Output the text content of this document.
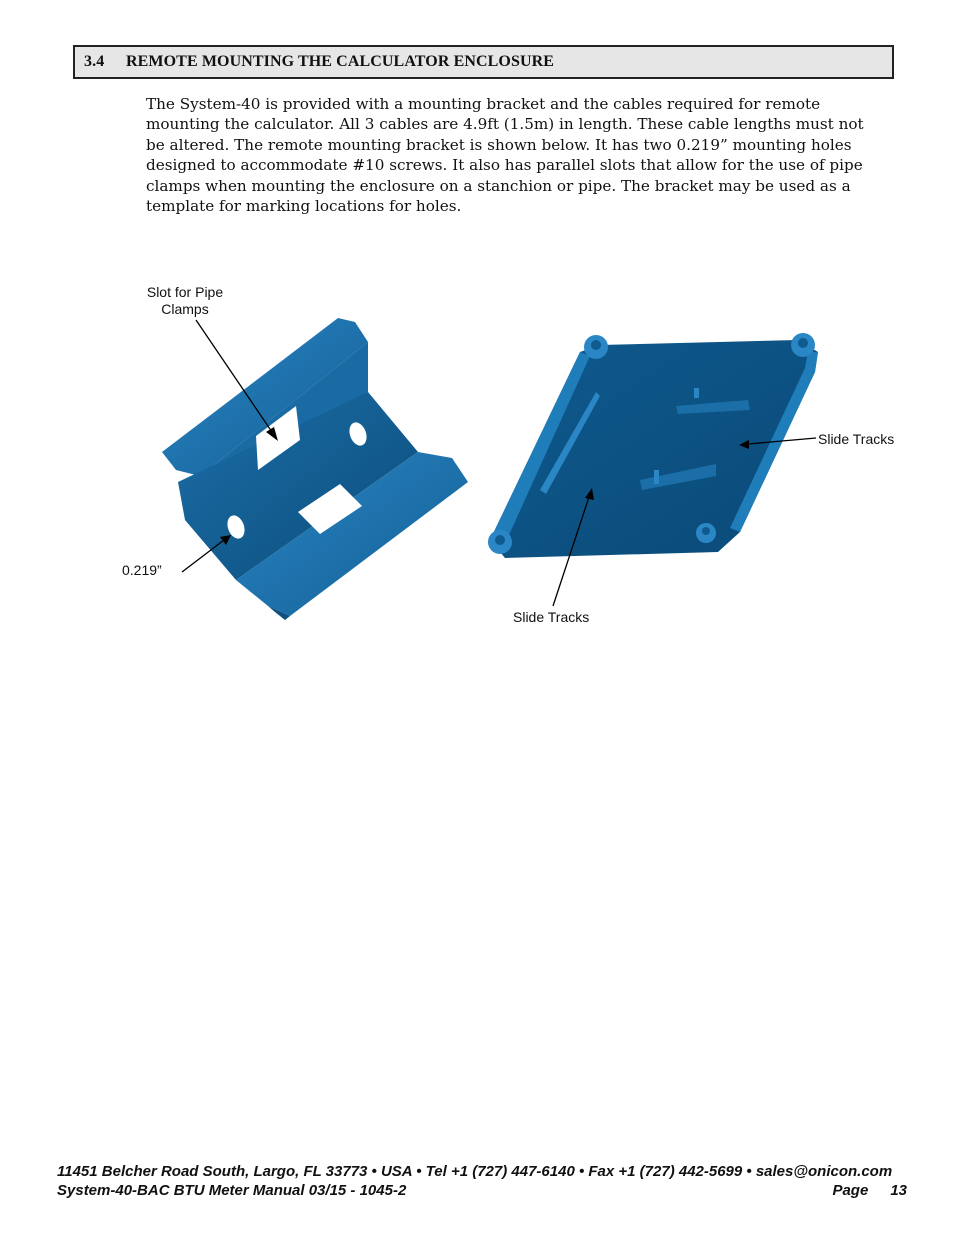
3.4 REMOTE MOUNTING THE CALCULATOR ENCLOSURE

The System-40 is provided with a mounting bracket and the cables required for remote mounting the calculator. All 3 cables are 4.9ft (1.5m) in length. These cable lengths must not be altered. The remote mounting bracket is shown below. It has two 0.219” mounting holes designed to accommodate #10 screws. It also has parallel slots that allow for the use of pipe clamps when mounting the enclosure on a stanchion or pipe. The bracket may be used as a template for marking locations for holes.

Slot for Pipe
Clamps
0.219”
Slide Tracks
Slide Tracks
11451 Belcher Road South, Largo, FL 33773 • USA • Tel +1 (727) 447-6140 • Fax +1 (727) 442-5699 • sales@onicon.com
System-40-BAC BTU Meter Manual 03/15 - 1045-2	Page 13
